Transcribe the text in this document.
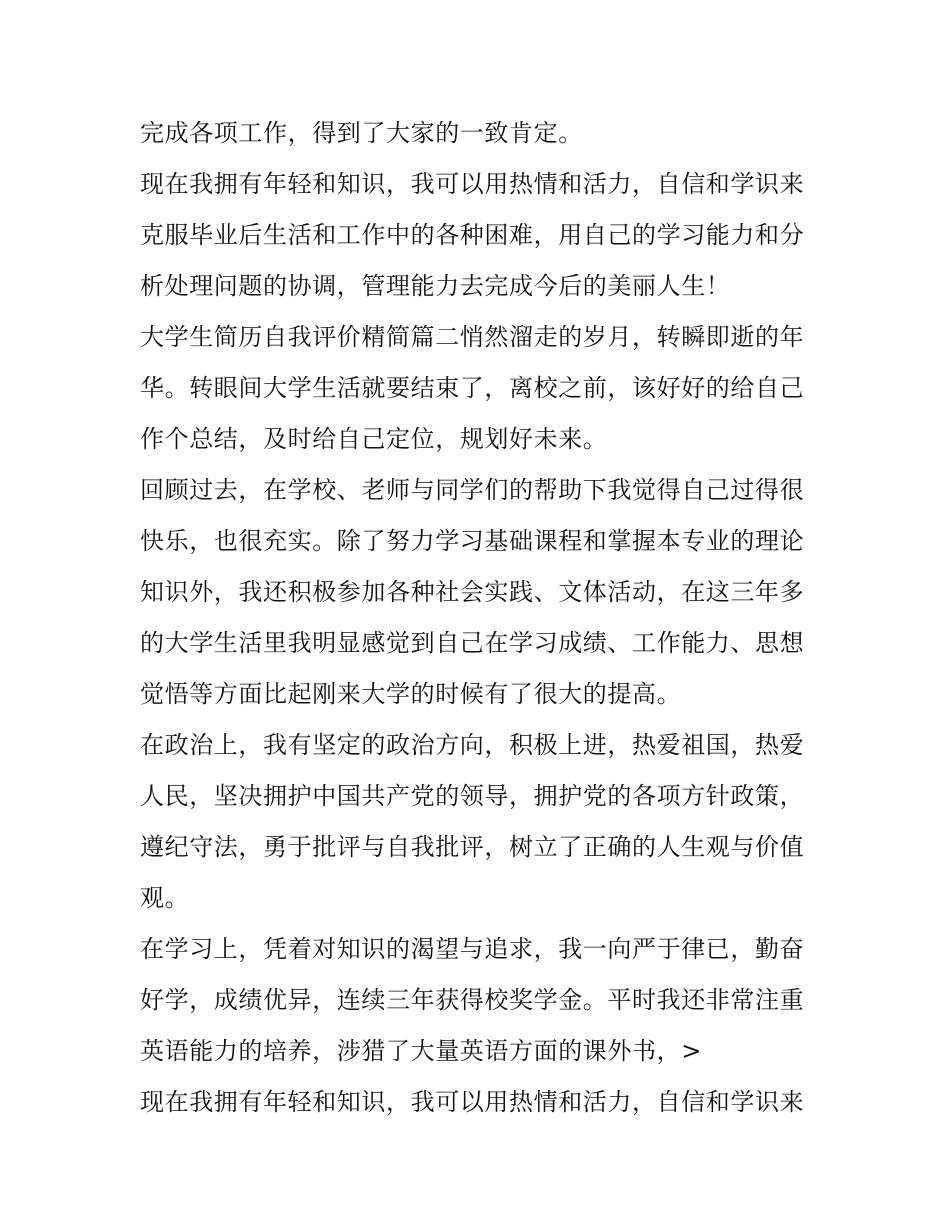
完成各项工作，得到了大家的一致肯定。
现在我拥有年轻和知识，我可以用热情和活力，自信和学识来
克服毕业后生活和工作中的各种困难，用自己的学习能力和分
析处理问题的协调，管理能力去完成今后的美丽人生！
大学生简历自我评价精简篇二悄然溜走的岁月，转瞬即逝的年
华。转眼间大学生活就要结束了，离校之前，该好好的给自己
作个总结，及时给自己定位，规划好未来。
回顾过去，在学校、老师与同学们的帮助下我觉得自己过得很
快乐，也很充实。除了努力学习基础课程和掌握本专业的理论
知识外，我还积极参加各种社会实践、文体活动，在这三年多
的大学生活里我明显感觉到自己在学习成绩、工作能力、思想
觉悟等方面比起刚来大学的时候有了很大的提高。
在政治上，我有坚定的政治方向，积极上进，热爱祖国，热爱
人民，坚决拥护中国共产党的领导，拥护党的各项方针政策，
遵纪守法，勇于批评与自我批评，树立了正确的人生观与价值
观。
在学习上，凭着对知识的渴望与追求，我一向严于律已，勤奋
好学，成绩优异，连续三年获得校奖学金。平时我还非常注重
英语能力的培养，涉猎了大量英语方面的课外书，>
现在我拥有年轻和知识，我可以用热情和活力，自信和学识来
